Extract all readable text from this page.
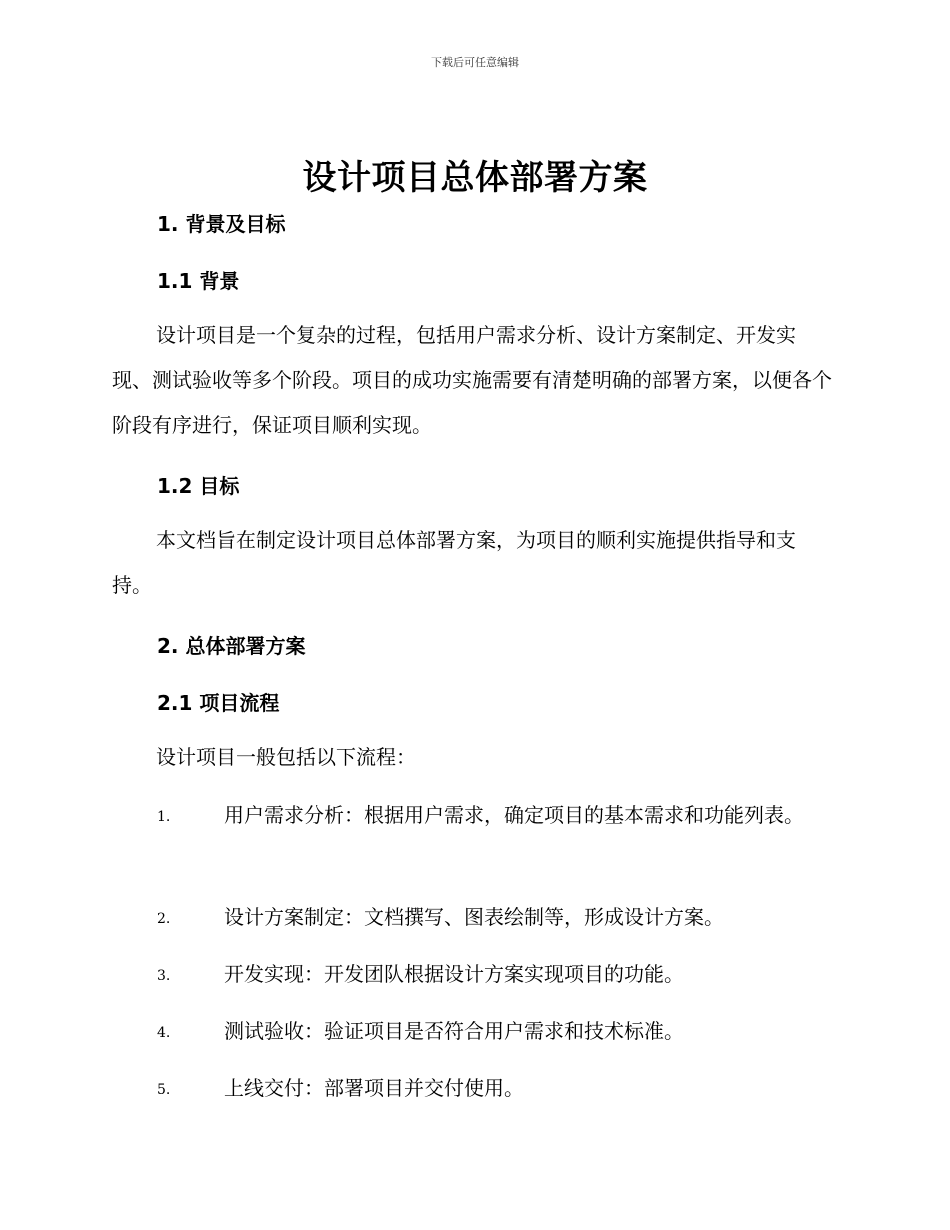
下载后可任意编辑
设计项目总体部署方案
1. 背景及目标
1.1 背景

设计项目是一个复杂的过程，包括用户需求分析、设计方案制定、开发实现、测试验收等多个阶段。项目的成功实施需要有清楚明确的部署方案，以便各个阶段有序进行，保证项目顺利实现。

1.2 目标

本文档旨在制定设计项目总体部署方案，为项目的顺利实施提供指导和支持。

2. 总体部署方案
2.1 项目流程

设计项目一般包括以下流程：

1.	用户需求分析：根据用户需求，确定项目的基本需求和功能列表。

2.	设计方案制定：文档撰写、图表绘制等，形成设计方案。

3.	开发实现：开发团队根据设计方案实现项目的功能。

4.	测试验收：验证项目是否符合用户需求和技术标准。

5.	上线交付：部署项目并交付使用。
